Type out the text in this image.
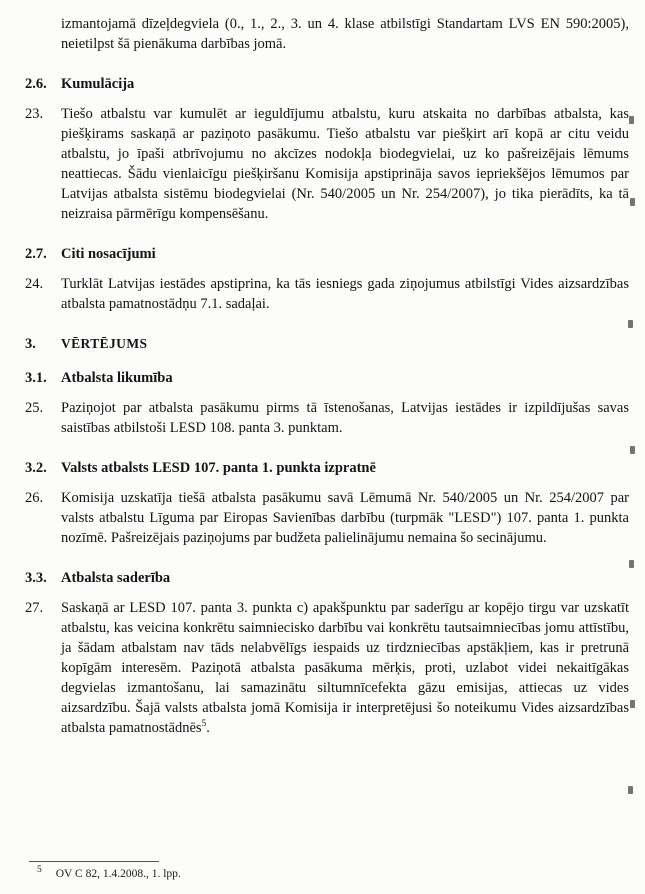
izmantojamā dīzeļdegviela (0., 1., 2., 3. un 4. klase atbilstīgi Standartam LVS EN 590:2005), neietilpst šā pienākuma darbības jomā.

2.6. Kumulācija
23.	Tiešo atbalstu var kumulēt ar ieguldījumu atbalstu, kuru atskaita no darbības atbalsta, kas piešķirams saskaņā ar paziņoto pasākumu. Tiešo atbalstu var piešķirt arī kopā ar citu veidu atbalstu, jo īpaši atbrīvojumu no akcīzes nodokļa biodegvielai, uz ko pašreizējais lēmums neattiecas. Šādu vienlaicīgu piešķiršanu Komisija apstiprināja savos iepriekšējos lēmumos par Latvijas atbalsta sistēmu biodegvielai (Nr. 540/2005 un Nr. 254/2007), jo tika pierādīts, ka tā neizraisa pārmērīgu kompensēšanu.

2.7. Citi nosacījumi
24.	Turklāt Latvijas iestādes apstiprina, ka tās iesniegs gada ziņojumus atbilstīgi Vides aizsardzības atbalsta pamatnostādņu 7.1. sadaļai.

3.	VĒRTĒJUMS
3.1. Atbalsta likumība
25.	Paziņojot par atbalsta pasākumu pirms tā īstenošanas, Latvijas iestādes ir izpildījušas savas saistības atbilstoši LESD 108. panta 3. punktam.

3.2. Valsts atbalsts LESD 107. panta 1. punkta izpratnē
26.	Komisija uzskatīja tiešā atbalsta pasākumu savā Lēmumā Nr. 540/2005 un Nr. 254/2007 par valsts atbalstu Līguma par Eiropas Savienības darbību (turpmāk "LESD") 107. panta 1. punkta nozīmē. Pašreizējais paziņojums par budžeta palielinājumu nemaina šo secinājumu.

3.3. Atbalsta saderība
27.	Saskaņā ar LESD 107. panta 3. punkta c) apakšpunktu par saderīgu ar kopējo tirgu var uzskatīt atbalstu, kas veicina konkrētu saimniecisko darbību vai konkrētu tautsaimniecības jomu attīstību, ja šādam atbalstam nav tāds nelabvēlīgs iespaids uz tirdzniecības apstākļiem, kas ir pretrunā kopīgām interesēm. Paziņotā atbalsta pasākuma mērķis, proti, uzlabot videi nekaitīgākas degvielas izmantošanu, lai samazinātu siltumnīcefekta gāzu emisijas, attiecas uz vides aizsardzību. Šajā valsts atbalsta jomā Komisija ir interpretējusi šo noteikumu Vides aizsardzības atbalsta pamatnostādnēs$^5$.

$^5$ OV C 82, 1.4.2008., 1. lpp.
